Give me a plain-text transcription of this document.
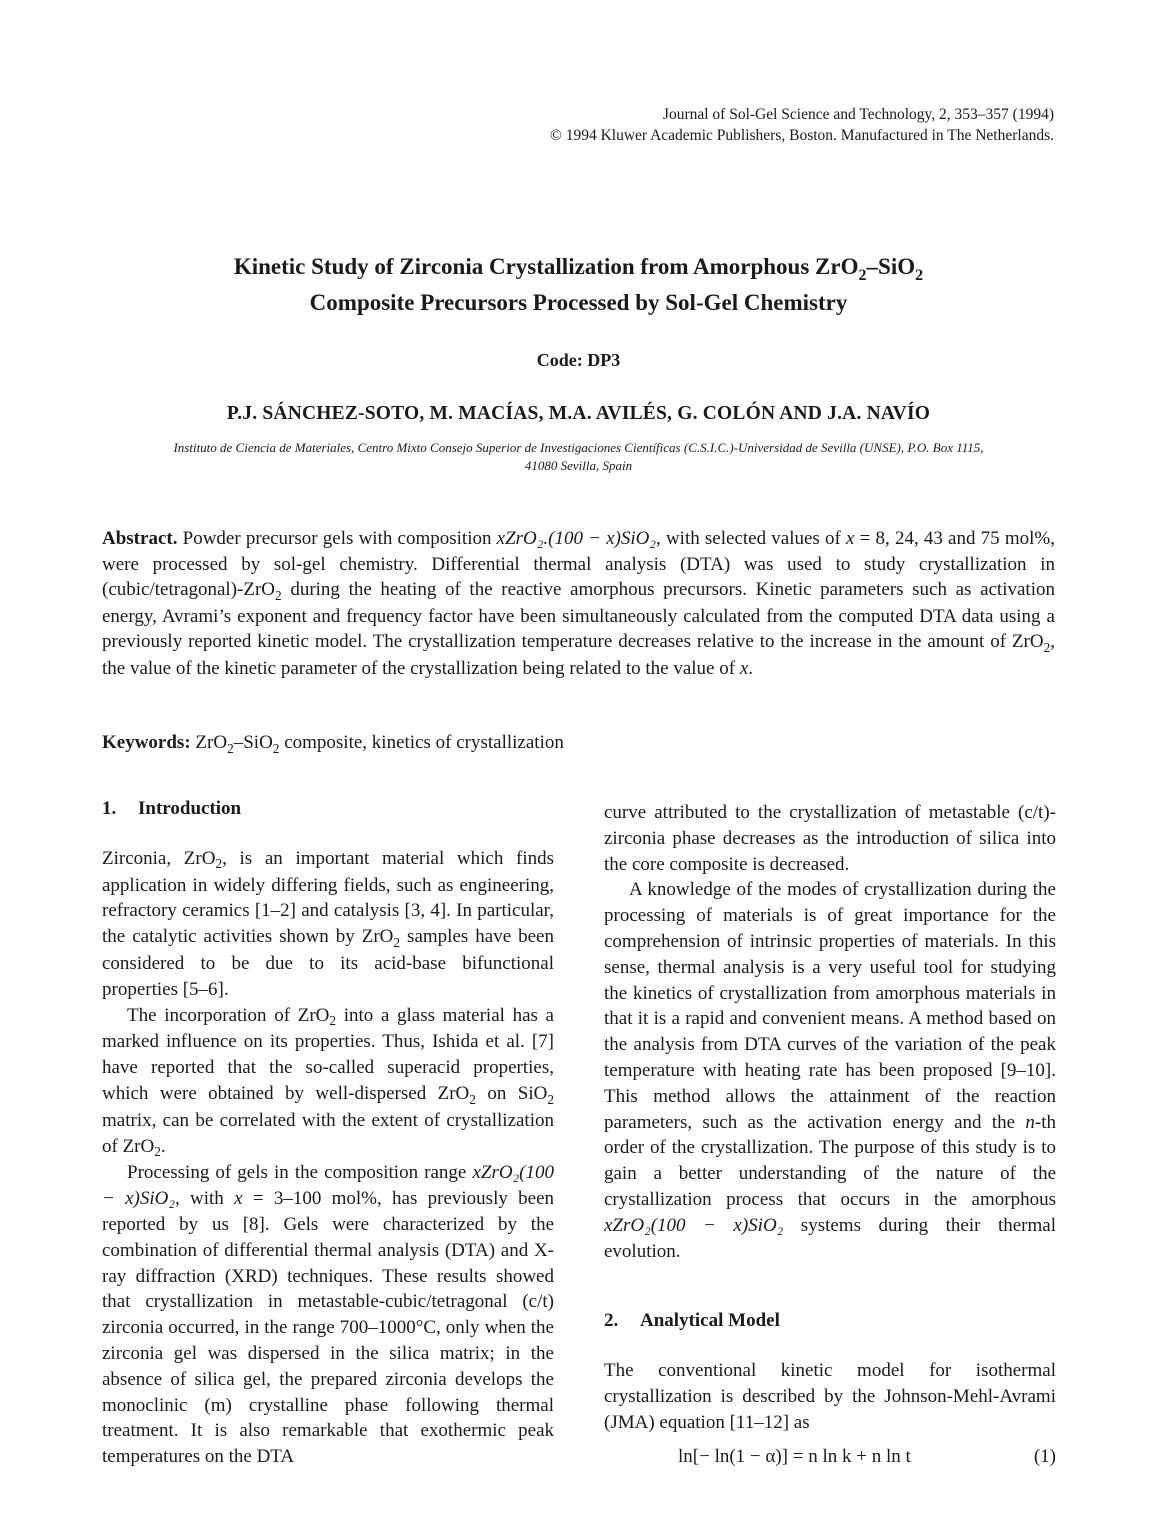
Journal of Sol-Gel Science and Technology, 2, 353–357 (1994)
© 1994 Kluwer Academic Publishers, Boston. Manufactured in The Netherlands.
Kinetic Study of Zirconia Crystallization from Amorphous ZrO$_2$–SiO$_2$
Composite Precursors Processed by Sol-Gel Chemistry
Code: DP3
P.J. SÁNCHEZ-SOTO, M. MACÍAS, M.A. AVILÉS, G. COLÓN AND J.A. NAVÍO
Instituto de Ciencia de Materiales, Centro Mixto Consejo Superior de Investigaciones Científicas (C.S.I.C.)-Universidad de Sevilla (UNSE), P.O. Box 1115,
41080 Sevilla, Spain
Abstract. Powder precursor gels with composition xZrO₂.(100 − x)SiO₂, with selected values of x = 8, 24, 43 and 75 mol%, were processed by sol-gel chemistry. Differential thermal analysis (DTA) was used to study crystallization in (cubic/tetragonal)-ZrO$_2$ during the heating of the reactive amorphous precursors. Kinetic parameters such as activation energy, Avrami’s exponent and frequency factor have been simultaneously calculated from the computed DTA data using a previously reported kinetic model. The crystallization temperature decreases relative to the increase in the amount of ZrO$_2$, the value of the kinetic parameter of the crystallization being related to the value of x.
Keywords: ZrO$_2$–SiO$_2$ composite, kinetics of crystallization

1. Introduction

Zirconia, ZrO$_2$, is an important material which finds application in widely differing fields, such as engineering, refractory ceramics [1–2] and catalysis [3, 4]. In particular, the catalytic activities shown by ZrO$_2$ samples have been considered to be due to its acid-base bifunctional properties [5–6].

The incorporation of ZrO$_2$ into a glass material has a marked influence on its properties. Thus, Ishida et al. [7] have reported that the so-called superacid properties, which were obtained by well-dispersed ZrO$_2$ on SiO$_2$ matrix, can be correlated with the extent of crystallization of ZrO$_2$.

Processing of gels in the composition range xZrO₂(100 − x)SiO₂, with x = 3–100 mol%, has previously been reported by us [8]. Gels were characterized by the combination of differential thermal analysis (DTA) and X-ray diffraction (XRD) techniques. These results showed that crystallization in metastable-cubic/tetragonal (c/t) zirconia occurred, in the range 700–1000°C, only when the zirconia gel was dispersed in the silica matrix; in the absence of silica gel, the prepared zirconia develops the monoclinic (m) crystalline phase following thermal treatment. It is also remarkable that exothermic peak temperatures on the DTA

curve attributed to the crystallization of metastable (c/t)-zirconia phase decreases as the introduction of silica into the core composite is decreased.

A knowledge of the modes of crystallization during the processing of materials is of great importance for the comprehension of intrinsic properties of materials. In this sense, thermal analysis is a very useful tool for studying the kinetics of crystallization from amorphous materials in that it is a rapid and convenient means. A method based on the analysis from DTA curves of the variation of the peak temperature with heating rate has been proposed [9–10]. This method allows the attainment of the reaction parameters, such as the activation energy and the n-th order of the crystallization. The purpose of this study is to gain a better understanding of the nature of the crystallization process that occurs in the amorphous xZrO₂(100 − x)SiO₂ systems during their thermal evolution.

2. Analytical Model

The conventional kinetic model for isothermal crystallization is described by the Johnson-Mehl-Avrami (JMA) equation [11–12] as

ln[− ln(1 − α)] = n ln k + n ln t	(1)
